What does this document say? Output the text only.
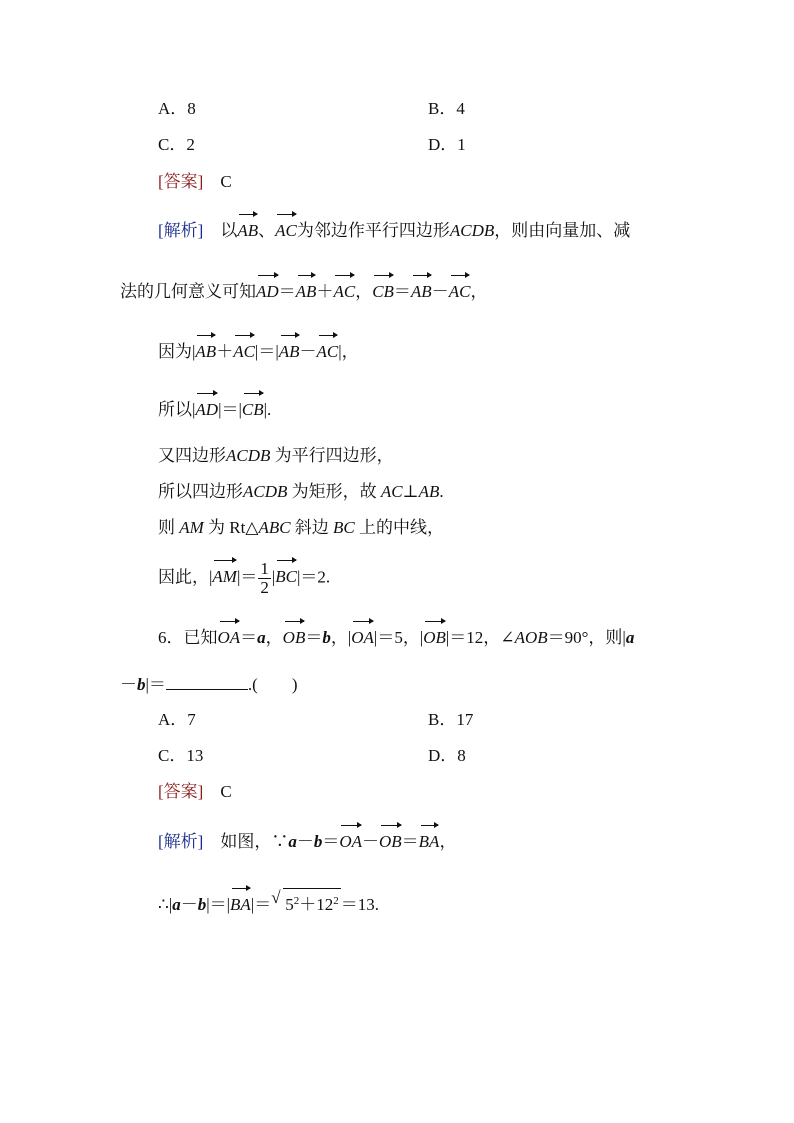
A．8	B．4
C．2	D．1
[答案]　 C
[解析]　 以AB、AC为邻边作平行四边形ACDB，则由向量加、减
法的几何意义可知AD＝AB＋AC，CB＝AB－AC，
因为|AB＋AC|＝|AB－AC|，
所以|AD|＝|CB|.
又四边形ACDB 为平行四边形，
所以四边形ACDB 为矩形，故 AC⊥AB.
则 AM 为 Rt△ABC 斜边 BC 上的中线，
因此，$|AM|= \frac{1}{2} |BC|=2$.
6．已知OA＝a，OB＝b，|OA|＝5，|OB|＝12，∠AOB＝90°，则|a
－b|＝	.(　　)
A．7	B．17
C．13	D．8
[答案]　 C
[解析]　 如图，∵a－b＝OA－OB＝BA，
∴|a－b|＝|BA|＝ √ $5^2+12^2 =13$.
